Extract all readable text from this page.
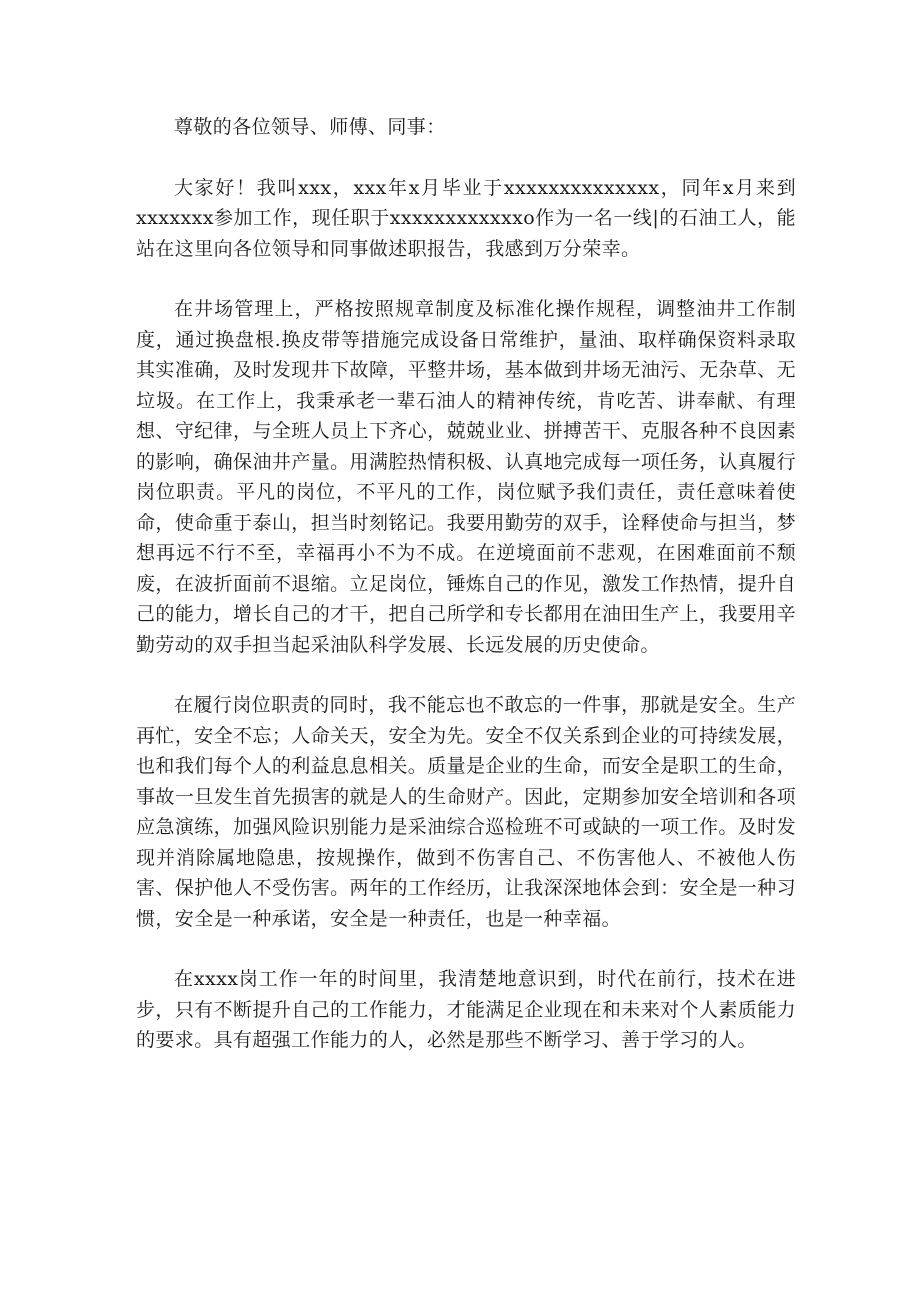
尊敬的各位领导、师傅、同事：

大家好！我叫xxx，xxx年x月毕业于xxxxxxxxxxxxxx，同年x月来到xxxxxxx参加工作，现任职于xxxxxxxxxxxxo作为一名一线|的石油工人，能站在这里向各位领导和同事做述职报告，我感到万分荣幸。

在井场管理上，严格按照规章制度及标准化操作规程，调整油井工作制度，通过换盘根.换皮带等措施完成设备日常维护，量油、取样确保资料录取其实准确，及时发现井下故障，平整井场，基本做到井场无油污、无杂草、无垃圾。在工作上，我秉承老一辈石油人的精神传统，肯吃苦、讲奉献、有理想、守纪律，与全班人员上下齐心，兢兢业业、拼搏苦干、克服各种不良因素的影响，确保油井产量。用满腔热情积极、认真地完成每一项任务，认真履行岗位职责。平凡的岗位，不平凡的工作，岗位赋予我们责任，责任意味着使命，使命重于泰山，担当时刻铭记。我要用勤劳的双手，诠释使命与担当，梦想再远不行不至，幸福再小不为不成。在逆境面前不悲观，在困难面前不颓废，在波折面前不退缩。立足岗位，锤炼自己的作见，激发工作热情，提升自己的能力，增长自己的才干，把自己所学和专长都用在油田生产上，我要用辛勤劳动的双手担当起采油队科学发展、长远发展的历史使命。

在履行岗位职责的同时，我不能忘也不敢忘的一件事，那就是安全。生产再忙，安全不忘；人命关天，安全为先。安全不仅关系到企业的可持续发展，也和我们每个人的利益息息相关。质量是企业的生命，而安全是职工的生命，事故一旦发生首先损害的就是人的生命财产。因此，定期参加安全培训和各项应急演练，加强风险识别能力是采油综合巡检班不可或缺的一项工作。及时发现并消除属地隐患，按规操作，做到不伤害自己、不伤害他人、不被他人伤害、保护他人不受伤害。两年的工作经历，让我深深地体会到：安全是一种习惯，安全是一种承诺，安全是一种责任，也是一种幸福。

在xxxx岗工作一年的时间里，我清楚地意识到，时代在前行，技术在进步，只有不断提升自己的工作能力，才能满足企业现在和未来对个人素质能力的要求。具有超强工作能力的人，必然是那些不断学习、善于学习的人。
